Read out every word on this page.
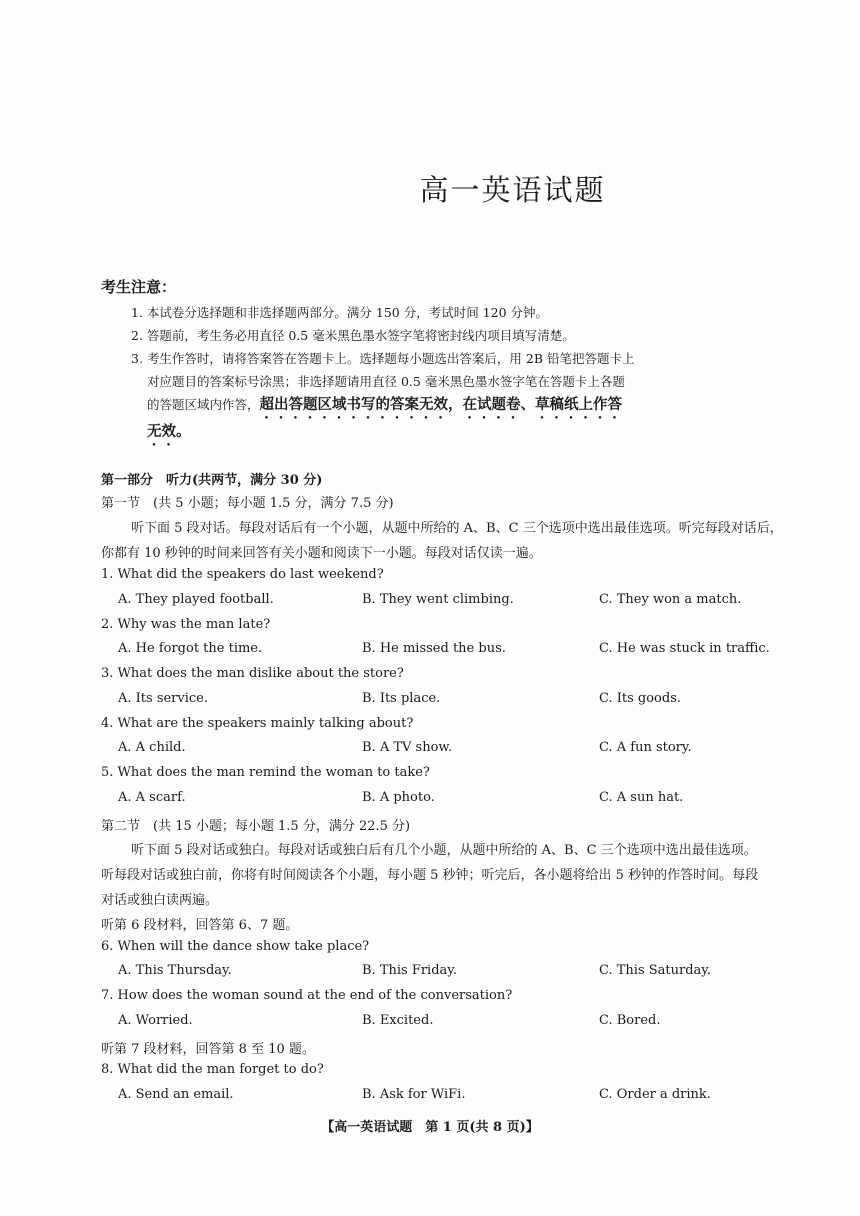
高一英语试题
考生注意：
1. 本试卷分选择题和非选择题两部分。满分 150 分，考试时间 120 分钟。
2. 答题前，考生务必用直径 0.5 毫米黑色墨水签字笔将密封线内项目填写清楚。
3. 考生作答时，请将答案答在答题卡上。选择题每小题选出答案后，用 2B 铅笔把答题卡上
对应题目的答案标号涂黑；非选择题请用直径 0.5 毫米黑色墨水签字笔在答题卡上各题
的答题区域内作答，超出答题区域书写的答案无效，在试题卷、草稿纸上作答
无效。
第一部分　听力(共两节，满分 30 分)
第一节　(共 5 小题；每小题 1.5 分，满分 7.5 分)
听下面 5 段对话。每段对话后有一个小题，从题中所给的 A、B、C 三个选项中选出最佳选项。听完每段对话后，
你都有 10 秒钟的时间来回答有关小题和阅读下一小题。每段对话仅读一遍。
1. What did the speakers do last weekend?
A. They played football.	B. They went climbing.	C. They won a match.
2. Why was the man late?
A. He forgot the time.	B. He missed the bus.	C. He was stuck in traffic.
3. What does the man dislike about the store?
A. Its service.	B. Its place.	C. Its goods.
4. What are the speakers mainly talking about?
A. A child.	B. A TV show.	C. A fun story.
5. What does the man remind the woman to take?
A. A scarf.	B. A photo.	C. A sun hat.
第二节　(共 15 小题；每小题 1.5 分，满分 22.5 分)
听下面 5 段对话或独白。每段对话或独白后有几个小题，从题中所给的 A、B、C 三个选项中选出最佳选项。
听每段对话或独白前，你将有时间阅读各个小题，每小题 5 秒钟；听完后，各小题将给出 5 秒钟的作答时间。每段
对话或独白读两遍。
听第 6 段材料，回答第 6、7 题。
6. When will the dance show take place?
A. This Thursday.	B. This Friday.	C. This Saturday.
7. How does the woman sound at the end of the conversation?
A. Worried.	B. Excited.	C. Bored.
听第 7 段材料，回答第 8 至 10 题。
8. What did the man forget to do?
A. Send an email.	B. Ask for WiFi.	C. Order a drink.
【高一英语试题　第 1 页(共 8 页)】
